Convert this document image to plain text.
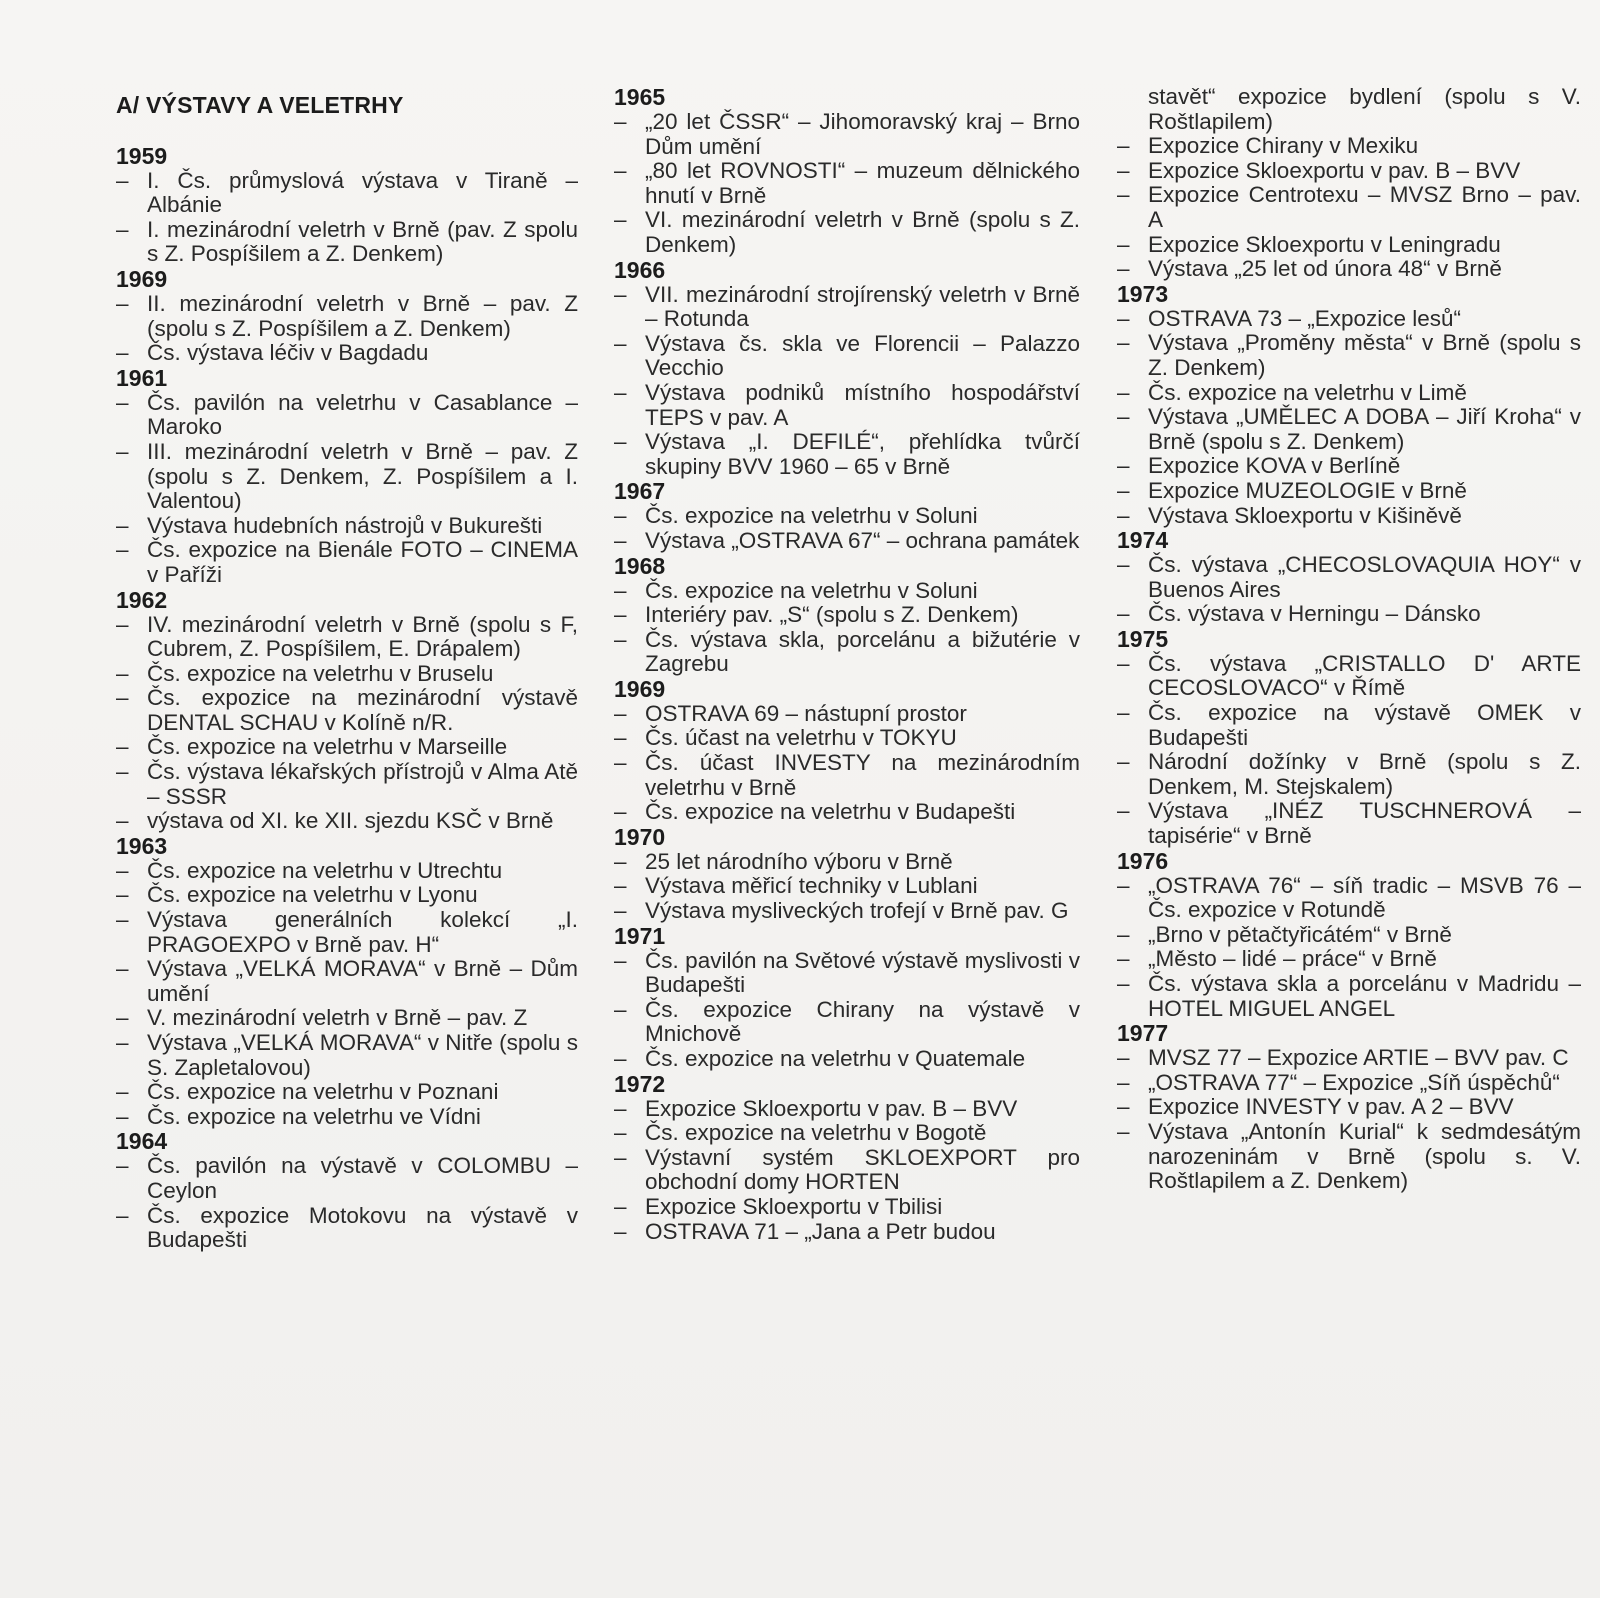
A/ VÝSTAVY A VELETRHY
1959
– I. Čs. průmyslová výstava v Tiraně – Albánie
– I. mezinárodní veletrh v Brně (pav. Z spolu s Z. Pospíšilem a Z. Denkem)
1969
– II. mezinárodní veletrh v Brně – pav. Z (spolu s Z. Pospíšilem a Z. Denkem)
– Čs. výstava léčiv v Bagdadu
1961
– Čs. pavilón na veletrhu v Casablance – Maroko
– III. mezinárodní veletrh v Brně – pav. Z (spolu s Z. Denkem, Z. Pospíšilem a I. Valentou)
– Výstava hudebních nástrojů v Bukurešti
– Čs. expozice na Bienále FOTO – CINEMA v Paříži
1962
– IV. mezinárodní veletrh v Brně (spolu s F, Cubrem, Z. Pospíšilem, E. Drápalem)
– Čs. expozice na veletrhu v Bruselu
– Čs. expozice na mezinárodní výstavě DENTAL SCHAU v Kolíně n/R.
– Čs. expozice na veletrhu v Marseille
– Čs. výstava lékařských přístrojů v Alma Atě – SSSR
– výstava od XI. ke XII. sjezdu KSČ v Brně
1963
– Čs. expozice na veletrhu v Utrechtu
– Čs. expozice na veletrhu v Lyonu
– Výstava generálních kolekcí „I. PRAGOEXPO v Brně pav. H“
– Výstava „VELKÁ MORAVA“ v Brně – Dům umění
– V. mezinárodní veletrh v Brně – pav. Z
– Výstava „VELKÁ MORAVA“ v Nitře (spolu s S. Zapletalovou)
– Čs. expozice na veletrhu v Poznani
– Čs. expozice na veletrhu ve Vídni
1964
– Čs. pavilón na výstavě v COLOMBU – Ceylon
– Čs. expozice Motokovu na výstavě v Budapešti
1965
– „20 let ČSSR“ – Jihomoravský kraj – Brno Dům umění
– „80 let ROVNOSTI“ – muzeum dělnického hnutí v Brně
– VI. mezinárodní veletrh v Brně (spolu s Z. Denkem)
1966
– VII. mezinárodní strojírenský veletrh v Brně – Rotunda
– Výstava čs. skla ve Florencii – Palazzo Vecchio
– Výstava podniků místního hospodářství TEPS v pav. A
– Výstava „I. DEFILÉ“, přehlídka tvůrčí skupiny BVV 1960 – 65 v Brně
1967
– Čs. expozice na veletrhu v Soluni
– Výstava „OSTRAVA 67“ – ochrana památek
1968
– Čs. expozice na veletrhu v Soluni
– Interiéry pav. „S“ (spolu s Z. Denkem)
– Čs. výstava skla, porcelánu a bižutérie v Zagrebu
1969
– OSTRAVA 69 – nástupní prostor
– Čs. účast na veletrhu v TOKYU
– Čs. účast INVESTY na mezinárodním veletrhu v Brně
– Čs. expozice na veletrhu v Budapešti
1970
– 25 let národního výboru v Brně
– Výstava měřicí techniky v Lublani
– Výstava mysliveckých trofejí v Brně pav. G
1971
– Čs. pavilón na Světové výstavě myslivosti v Budapešti
– Čs. expozice Chirany na výstavě v Mnichově
– Čs. expozice na veletrhu v Quatemale
1972
– Expozice Skloexportu v pav. B – BVV
– Čs. expozice na veletrhu v Bogotě
– Výstavní systém SKLOEXPORT pro obchodní domy HORTEN
– Expozice Skloexportu v Tbilisi
– OSTRAVA 71 – „Jana a Petr budou
stavět“ expozice bydlení (spolu s V. Roštlapilem)
– Expozice Chirany v Mexiku
– Expozice Skloexportu v pav. B – BVV
– Expozice Centrotexu – MVSZ Brno – pav. A
– Expozice Skloexportu v Leningradu
– Výstava „25 let od února 48“ v Brně
1973
– OSTRAVA 73 – „Expozice lesů“
– Výstava „Proměny města“ v Brně (spolu s Z. Denkem)
– Čs. expozice na veletrhu v Limě
– Výstava „UMĚLEC A DOBA – Jiří Kroha“ v Brně (spolu s Z. Denkem)
– Expozice KOVA v Berlíně
– Expozice MUZEOLOGIE v Brně
– Výstava Skloexportu v Kišiněvě
1974
– Čs. výstava „CHECOSLOVAQUIA HOY“ v Buenos Aires
– Čs. výstava v Herningu – Dánsko
1975
– Čs. výstava „CRISTALLO D' ARTE CECOSLOVACO“ v Římě
– Čs. expozice na výstavě OMEK v Budapešti
– Národní dožínky v Brně (spolu s Z. Denkem, M. Stejskalem)
– Výstava „INÉZ TUSCHNEROVÁ – tapisérie“ v Brně
1976
– „OSTRAVA 76“ – síň tradic – MSVB 76 – Čs. expozice v Rotundě
– „Brno v pětačtyřicátém“ v Brně
– „Město – lidé – práce“ v Brně
– Čs. výstava skla a porcelánu v Madridu – HOTEL MIGUEL ANGEL
1977
– MVSZ 77 – Expozice ARTIE – BVV pav. C
– „OSTRAVA 77“ – Expozice „Síň úspěchů“
– Expozice INVESTY v pav. A 2 – BVV
– Výstava „Antonín Kurial“ k sedmdesátým narozeninám v Brně (spolu s. V. Roštlapilem a Z. Denkem)
